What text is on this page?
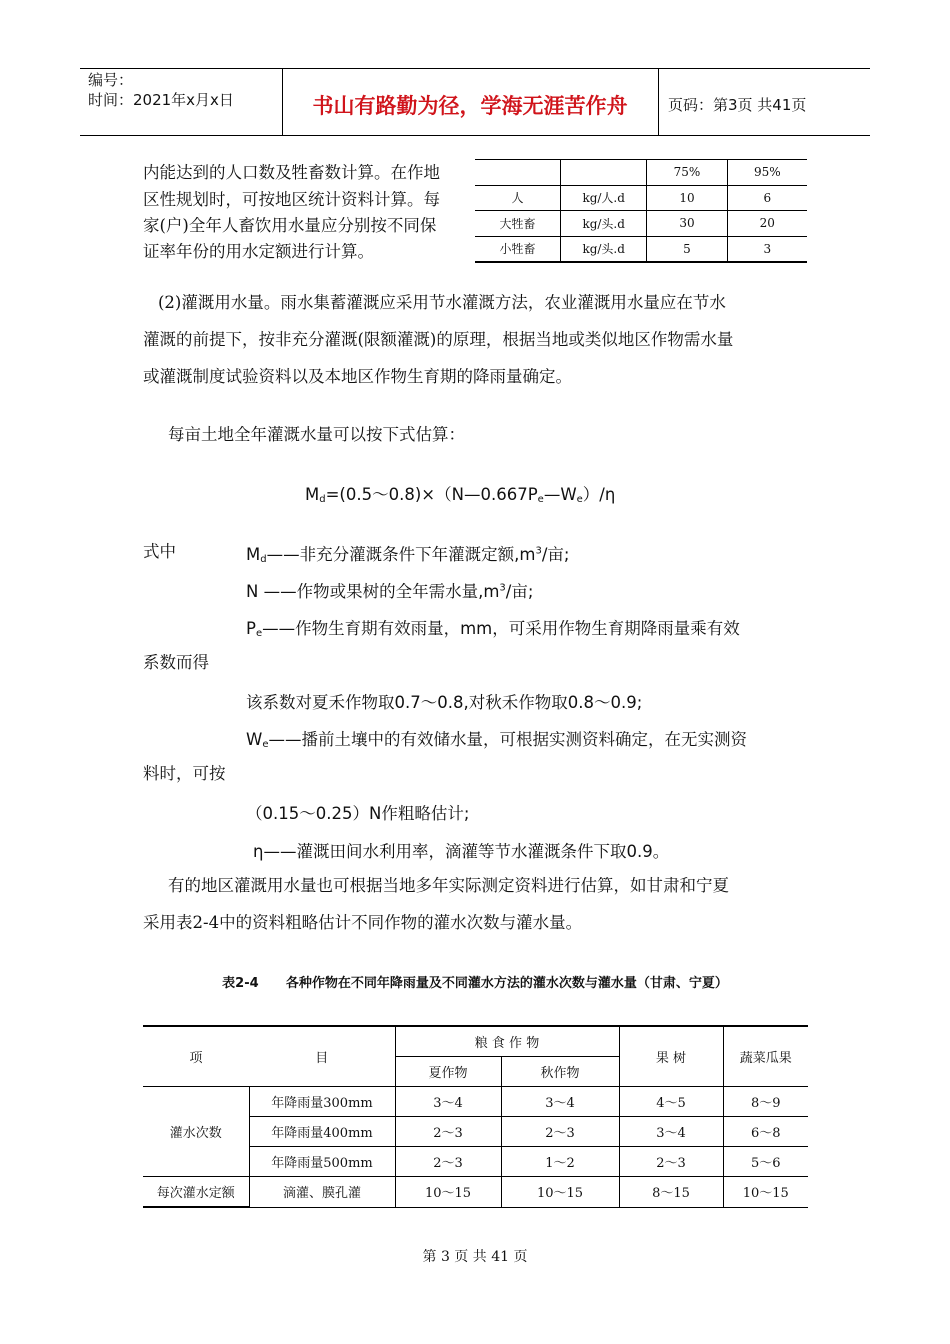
编号：
时间：2021年x月x日	书山有路勤为径，学海无涯苦作舟	页码：第3页 共41页
内能达到的人口数及牲畜数计算。在作地
区性规划时，可按地区统计资料计算。每
家(户)全年人畜饮用水量应分别按不同保
证率年份的用水定额进行计算。
		75%	95%
人	kg/人.d	10	6
大牲畜	kg/头.d	30	20
小牲畜	kg/头.d	5	3
(2)灌溉用水量。雨水集蓄灌溉应采用节水灌溉方法，农业灌溉用水量应在节水
灌溉的前提下，按非充分灌溉(限额灌溉)的原理，根据当地或类似地区作物需水量
或灌溉制度试验资料以及本地区作物生育期的降雨量确定。
每亩土地全年灌溉水量可以按下式估算：
$M_d=(0.5\sim 0.8)\times(N—0.667P_e—W_e)/\eta$
式中	$M_d——$非充分灌溉条件下年灌溉定额$,m^3/$亩;
N ——作物或果树的全年需水量$,m^3/$亩;
$P_e——$作物生育期有效雨量，mm，可采用作物生育期降雨量乘有效
系数而得
该系数对夏禾作物取0.7～0.8,对秋禾作物取0.8～0.9;
$W_e——$播前土壤中的有效储水量，可根据实测资料确定，在无实测资
料时，可按
（0.15～0.25）N作粗略估计;
η——灌溉田间水利用率，滴灌等节水灌溉条件下取0.9。
有的地区灌溉用水量也可根据当地多年实际测定资料进行估算，如甘肃和宁夏
采用表2-4中的资料粗略估计不同作物的灌水次数与灌水量。
表2-4      各种作物在不同年降雨量及不同灌水方法的灌水次数与灌水量（甘肃、宁夏）
项	目	粮 食 作 物		果 树	蔬菜瓜果
		夏作物	秋作物		
灌水次数	年降雨量300mm	3～4	3～4	4～5	8～9
	年降雨量400mm	2～3	2～3	3～4	6～8
	年降雨量500mm	2～3	1～2	2～3	5～6
每次灌水定额	滴灌、膜孔灌	10～15	10～15	8～15	10～15
第 3 页 共 41 页
